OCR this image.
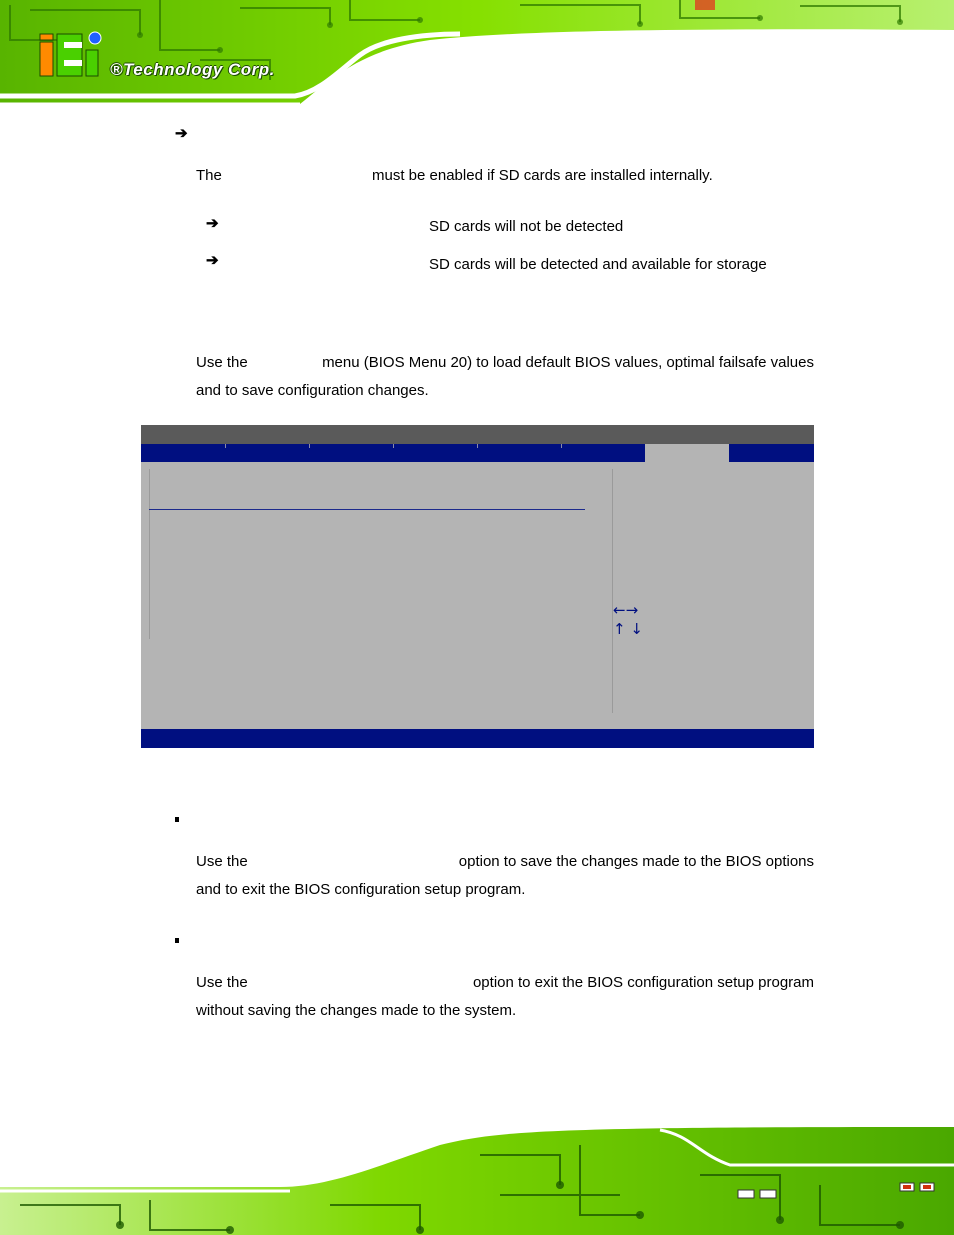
®Technology Corp.
➔
The	must be enabled if SD cards are installed internally.
➔	SD cards will not be detected
➔	SD cards will be detected and available for storage
Use the	menu (BIOS Menu 20) to load default BIOS values, optimal failsafe values
and to save configuration changes.
←→
↑ ↓
Use the	option to save the changes made to the BIOS options
and to exit the BIOS configuration setup program.
Use the	option to exit the BIOS configuration setup program
without saving the changes made to the system.
